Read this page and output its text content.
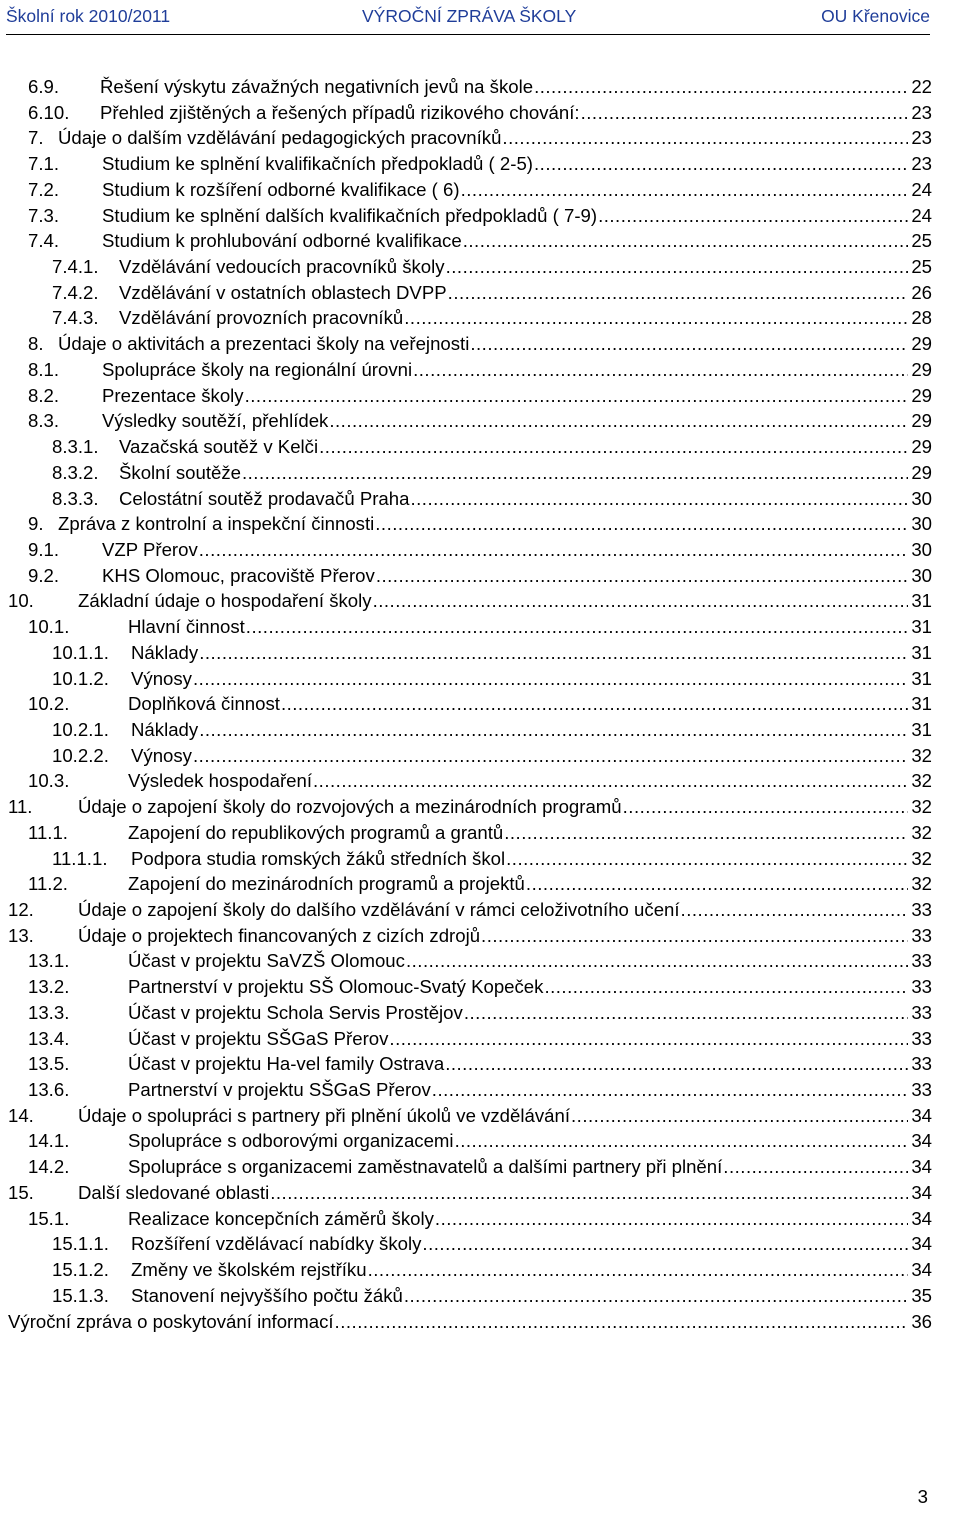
Školní rok 2010/2011	VÝROČNÍ ZPRÁVA ŠKOLY	OU Křenovice
6.9. Řešení výskytu závažných negativních jevů na škole .....	22
6.10. Přehled zjištěných a řešených případů rizikového chování: .....	23
7. Údaje o dalším vzdělávání pedagogických pracovníků .....	23
7.1. Studium ke splnění kvalifikačních předpokladů ( 2-5) .....	23
7.2. Studium k rozšíření odborné kvalifikace ( 6) .....	24
7.3. Studium ke splnění dalších kvalifikačních předpokladů ( 7-9) .....	24
7.4. Studium k prohlubování odborné kvalifikace .....	25
7.4.1. Vzdělávání vedoucích pracovníků školy .....	25
7.4.2. Vzdělávání v ostatních oblastech DVPP .....	26
7.4.3. Vzdělávání provozních pracovníků .....	28
8. Údaje o aktivitách a prezentaci školy na veřejnosti .....	29
8.1. Spolupráce školy na regionální úrovni .....	29
8.2. Prezentace školy .....	29
8.3. Výsledky soutěží, přehlídek .....	29
8.3.1. Vazačská soutěž v Kelči .....	29
8.3.2. Školní soutěže .....	29
8.3.3. Celostátní soutěž prodavačů Praha .....	30
9. Zpráva z kontrolní a inspekční činnosti .....	30
9.1. VZP Přerov .....	30
9.2. KHS Olomouc, pracoviště Přerov .....	30
10. Základní údaje o hospodaření školy .....	31
10.1.	Hlavní činnost .....	31
10.1.1. Náklady .....	31
10.1.2. Výnosy .....	31
10.2.	Doplňková činnost .....	31
10.2.1. Náklady .....	31
10.2.2. Výnosy .....	32
10.3.	Výsledek hospodaření .....	32
11. Údaje o zapojení školy do rozvojových a mezinárodních programů .....	32
11.1.	Zapojení do republikových programů a grantů .....	32
11.1.1. Podpora studia romských žáků středních škol .....	32
11.2.	Zapojení do mezinárodních programů a projektů .....	32
12. Údaje o zapojení školy do dalšího vzdělávání v rámci celoživotního učení .....	33
13. Údaje o projektech financovaných z cizích zdrojů .....	33
13.1.	Účast v projektu SaVZŠ Olomouc .....	33
13.2.	Partnerství v projektu SŠ Olomouc-Svatý Kopeček .....	33
13.3.	Účast v projektu Schola Servis Prostějov .....	33
13.4.	Účast v projektu SŠGaS Přerov .....	33
13.5.	Účast v projektu Ha-vel family Ostrava .....	33
13.6.	Partnerství v projektu SŠGaS Přerov .....	33
14. Údaje o spolupráci s partnery při plnění úkolů ve vzdělávání .....	34
14.1.	Spolupráce s odborovými organizacemi .....	34
14.2.	Spolupráce s organizacemi zaměstnavatelů a dalšími partnery při plnění .....	34
15. Další sledované oblasti .....	34
15.1.	Realizace koncepčních záměrů školy .....	34
15.1.1. Rozšíření vzdělávací nabídky školy .....	34
15.1.2. Změny ve školském rejstříku .....	34
15.1.3. Stanovení nejvyššího počtu žáků .....	35
Výroční zpráva o poskytování informací .....	36
3
